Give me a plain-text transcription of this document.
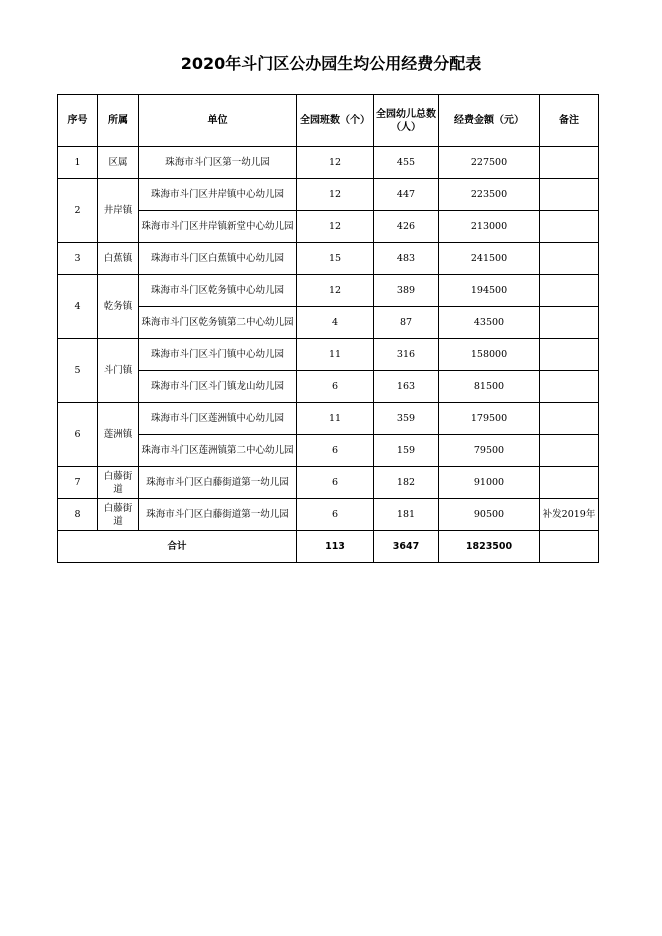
2020年斗门区公办园生均公用经费分配表
序号	所属	单位	全园班数（个）	全园幼儿总数（人）	经费金额（元）	备注
1	区属	珠海市斗门区第一幼儿园	12	455	227500	
2	井岸镇	珠海市斗门区井岸镇中心幼儿园	12	447	223500	
		珠海市斗门区井岸镇新堂中心幼儿园	12	426	213000	
3	白蕉镇	珠海市斗门区白蕉镇中心幼儿园	15	483	241500	
4	乾务镇	珠海市斗门区乾务镇中心幼儿园	12	389	194500	
		珠海市斗门区乾务镇第二中心幼儿园	4	87	43500	
5	斗门镇	珠海市斗门区斗门镇中心幼儿园	11	316	158000	
		珠海市斗门区斗门镇龙山幼儿园	6	163	81500	
6	莲洲镇	珠海市斗门区莲洲镇中心幼儿园	11	359	179500	
		珠海市斗门区莲洲镇第二中心幼儿园	6	159	79500	
7	白藤街道	珠海市斗门区白藤街道第一幼儿园	6	182	91000	
8	白藤街道	珠海市斗门区白藤街道第一幼儿园	6	181	90500	补发2019年
合计			113	3647	1823500	
